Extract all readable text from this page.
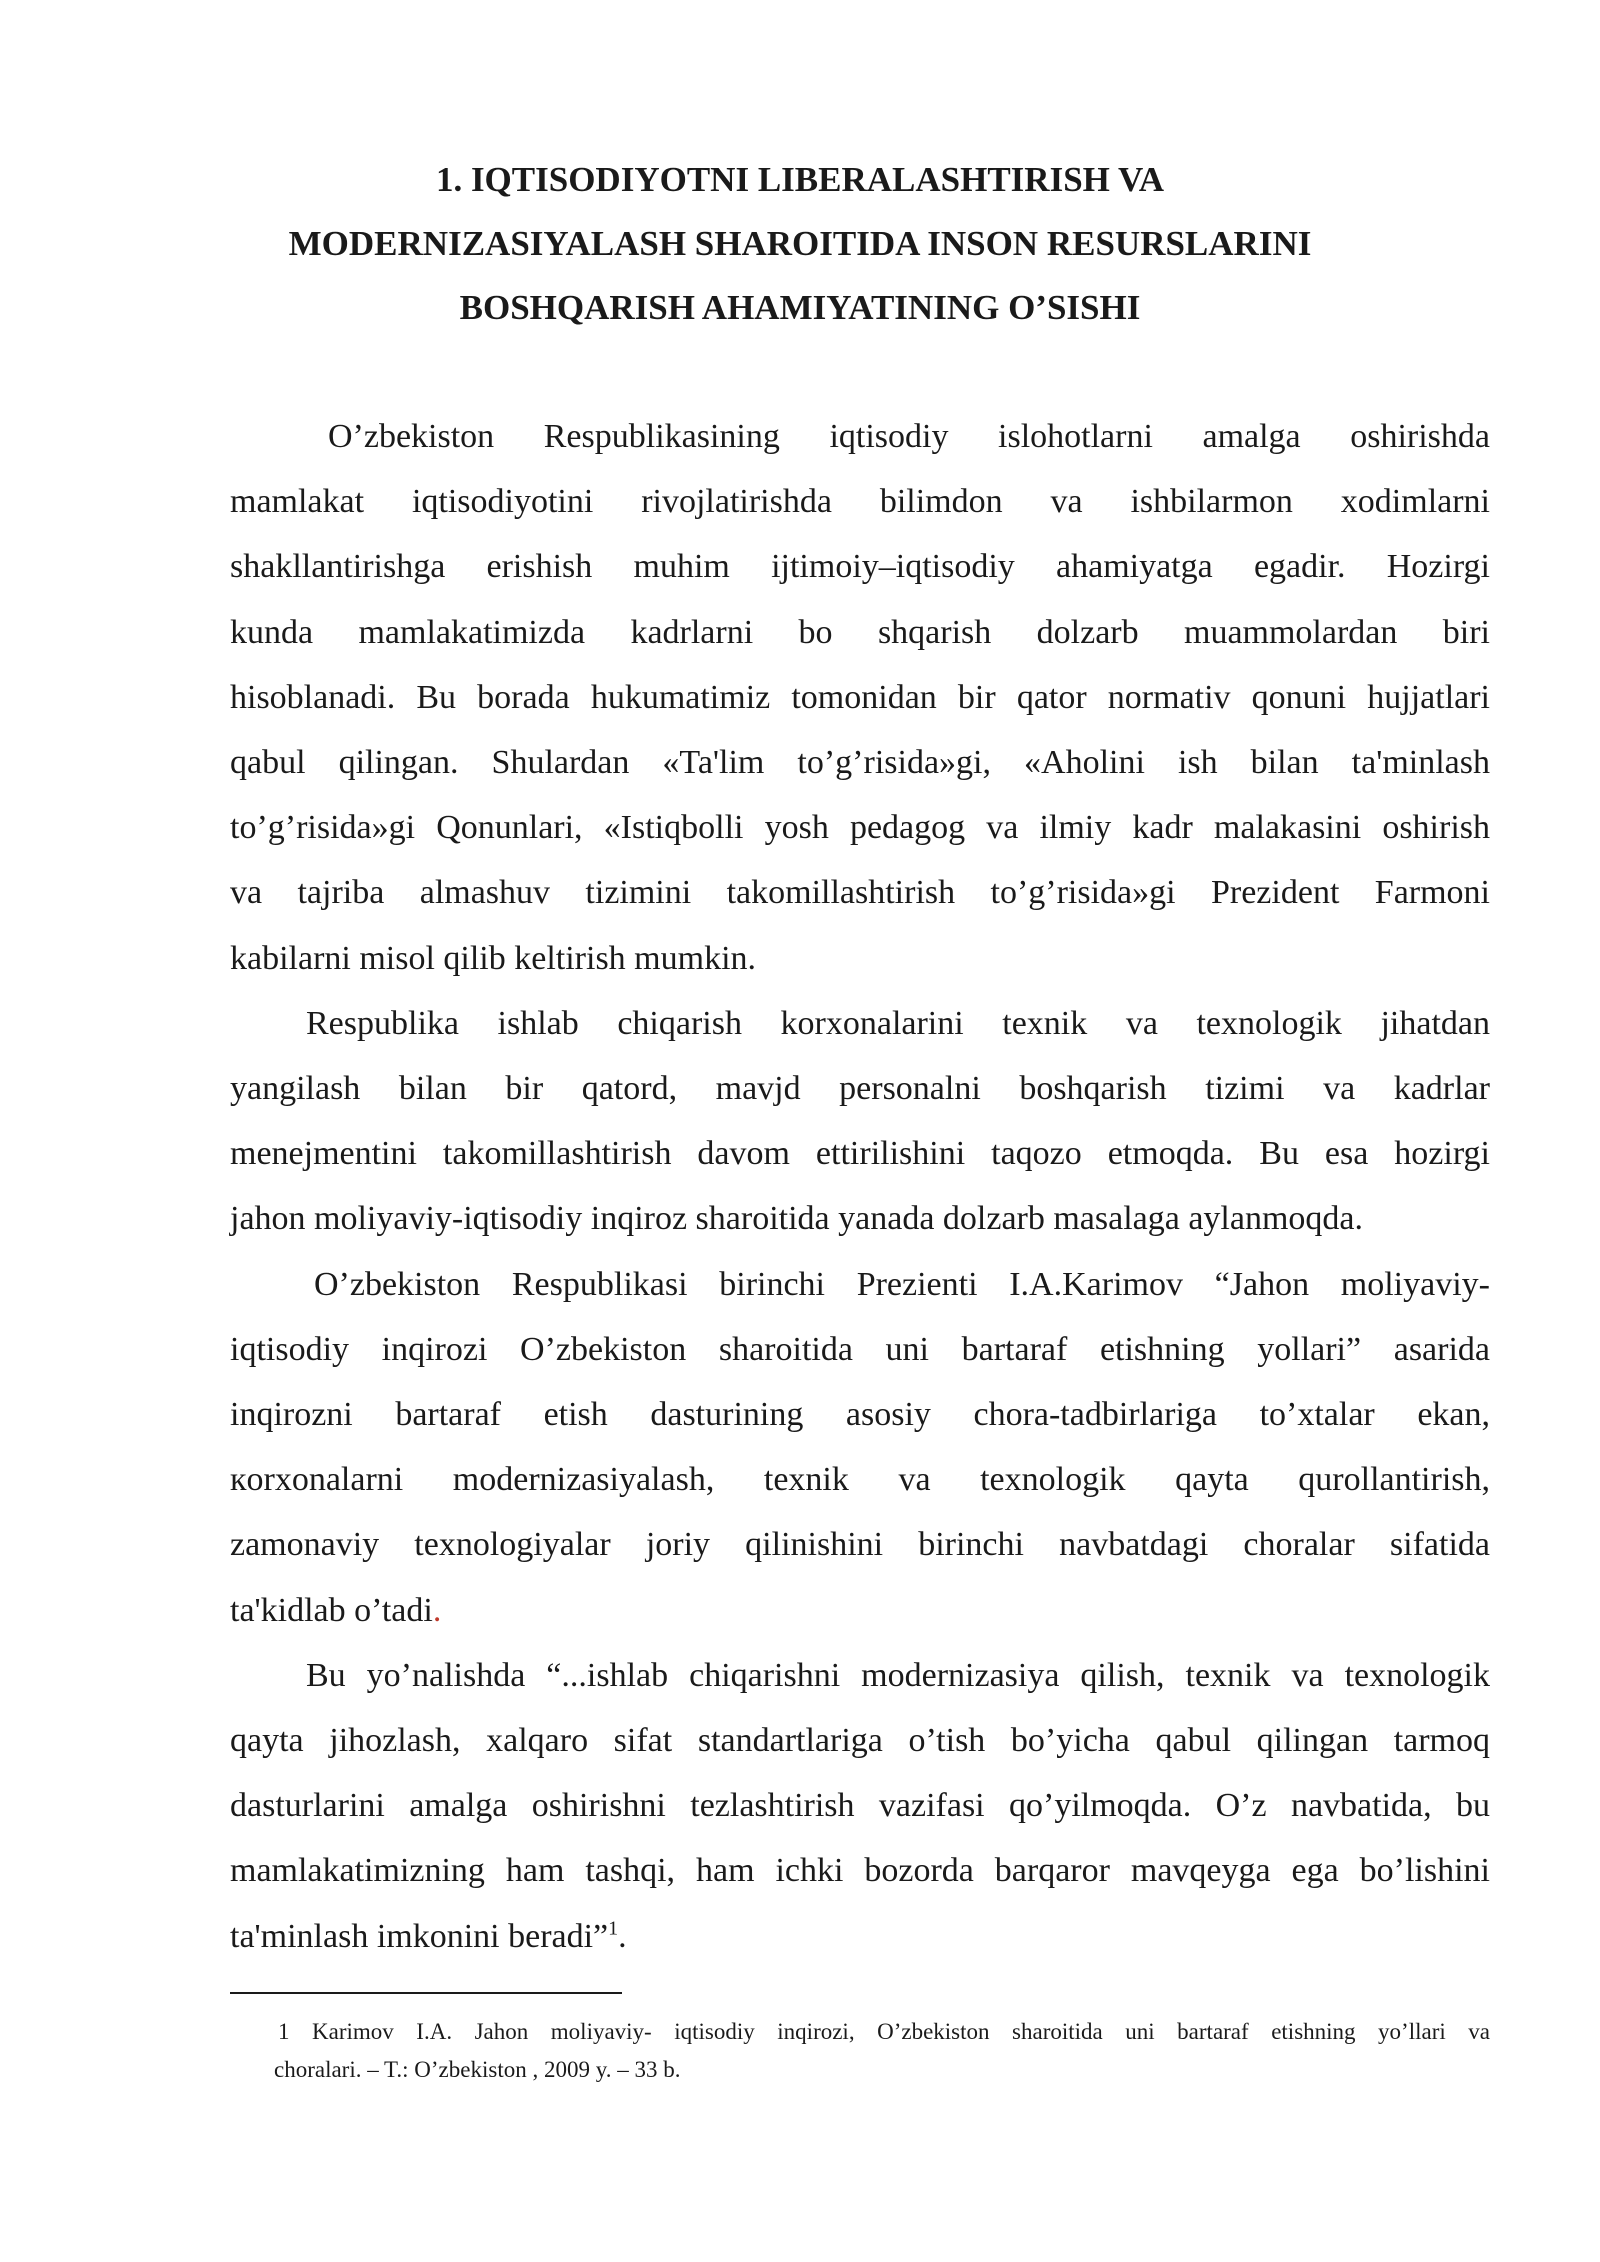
1. IQTISODIYOTNI LIBERALASHTIRISH VA
MODERNIZASIYALASH SHAROITIDA INSON RESURSLARINI
BOSHQARISH AHAMIYATINING O’SISHI

O’zbekiston Respublikasining iqtisodiy islohotlarni amalga oshirishda
mamlakat iqtisodiyotini rivojlatirishda bilimdon va ishbilarmon xodimlarni
shakllantirishga erishish muhim ijtimoiy–iqtisodiy ahamiyatga egadir. Hozirgi
kunda mamlakatimizda kadrlarni bo shqarish dolzarb muammolardan biri
hisoblanadi. Bu borada hukumatimiz tomonidan bir qator normativ qonuni hujjatlari
qabul qilingan. Shulardan «Ta'lim to’g’risida»gi, «Aholini ish bilan ta'minlash
to’g’risida»gi Qonunlari, «Istiqbolli yosh pedagog va ilmiy kadr malakasini oshirish
va tajriba almashuv tizimini takomillashtirish to’g’risida»gi Prezident Farmoni
kabilarni misol qilib keltirish mumkin.

Respublika ishlab chiqarish korxonalarini texnik va texnologik jihatdan
yangilash bilan bir qatord, mavjd personalni boshqarish tizimi va kadrlar
menejmentini takomillashtirish davom ettirilishini taqozo etmoqda. Bu esa hozirgi
jahon moliyaviy-iqtisodiy inqiroz sharoitida yanada dolzarb masalaga aylanmoqda.

O’zbekiston Respublikasi birinchi Prezienti I.A.Karimov “Jahon moliyaviy-
iqtisodiy inqirozi O’zbekiston sharoitida uni bartaraf etishning yollari” asarida
inqirozni bartaraf etish dasturining asosiy chora-tadbirlariga to’xtalar ekan,
кorxonalarni modernizasiyalash, texnik va texnologik qayta qurollantirish,
zamonaviy texnologiyalar joriy qilinishini birinchi navbatdagi choralar sifatida
ta'kidlab o’tadi.

Bu yo’nalishda “...ishlab chiqarishni modernizasiya qilish, texnik va texnologik
qayta jihozlash, xalqaro sifat standartlariga o’tish bo’yicha qabul qilingan tarmoq
dasturlarini amalga oshirishni tezlashtirish vazifasi qo’yilmoqda. O’z navbatida, bu
mamlakatimizning ham tashqi, ham ichki bozorda barqaror mavqeyga ega bo’lishini
ta'minlash imkonini beradi”$^1$.

1 Karimov I.A. Jahon moliyaviy- iqtisodiy inqirozi, O’zbekiston sharoitida uni bartaraf etishning yo’llari va
choralari. – T.: O’zbekiston , 2009 y. – 33 b.
